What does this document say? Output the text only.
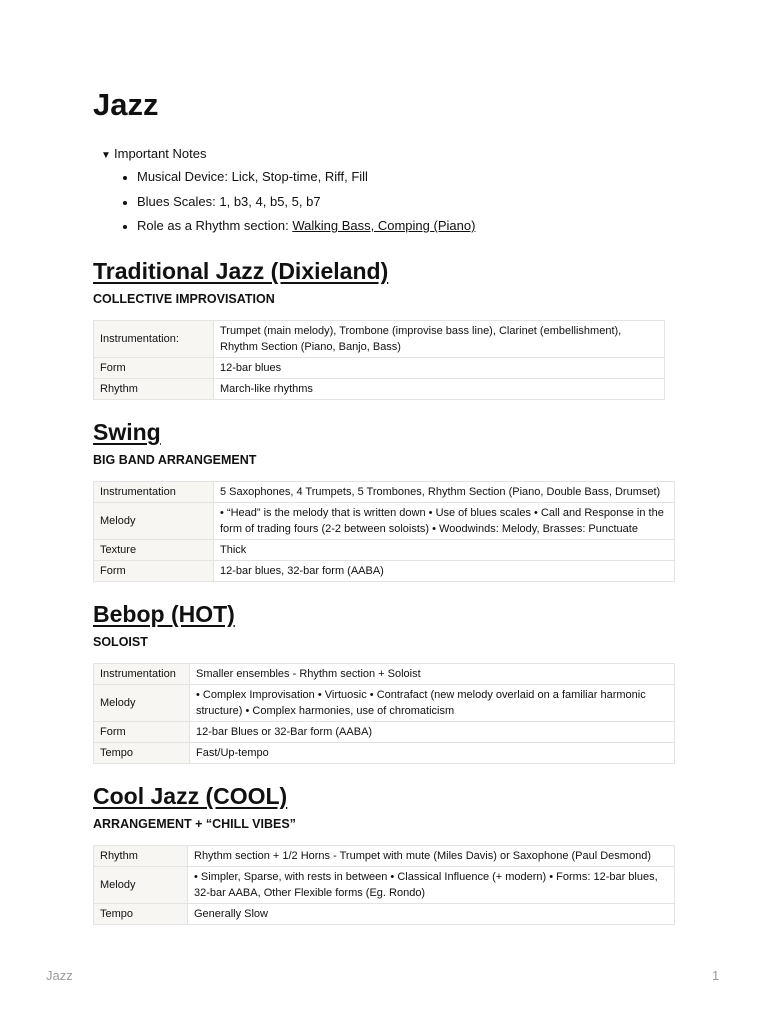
Jazz
▼ Important Notes
Musical Device: Lick, Stop-time, Riff, Fill
Blues Scales: 1, b3, 4, b5, 5, b7
Role as a Rhythm section: Walking Bass, Comping (Piano)
Traditional Jazz (Dixieland)
COLLECTIVE IMPROVISATION
Instrumentation:	Trumpet (main melody), Trombone (improvise bass line), Clarinet (embellishment), Rhythm Section (Piano, Banjo, Bass)
Form	12-bar blues
Rhythm	March-like rhythms
Swing
BIG BAND ARRANGEMENT
Instrumentation	5 Saxophones, 4 Trumpets, 5 Trombones, Rhythm Section (Piano, Double Bass, Drumset)
Melody	• “Head” is the melody that is written down • Use of blues scales • Call and Response in the form of trading fours (2-2 between soloists) • Woodwinds: Melody, Brasses: Punctuate
Texture	Thick
Form	12-bar blues, 32-bar form (AABA)
Bebop (HOT)
SOLOIST
Instrumentation	Smaller ensembles - Rhythm section + Soloist
Melody	• Complex Improvisation • Virtuosic • Contrafact (new melody overlaid on a familiar harmonic structure) • Complex harmonies, use of chromaticism
Form	12-bar Blues or 32-Bar form (AABA)
Tempo	Fast/Up-tempo
Cool Jazz (COOL)
ARRANGEMENT + “CHILL VIBES”
Rhythm	Rhythm section + 1/2 Horns - Trumpet with mute (Miles Davis) or Saxophone (Paul Desmond)
Melody	• Simpler, Sparse, with rests in between • Classical Influence (+ modern) • Forms: 12-bar blues, 32-bar AABA, Other Flexible forms (Eg. Rondo)
Tempo	Generally Slow
Jazz	1
